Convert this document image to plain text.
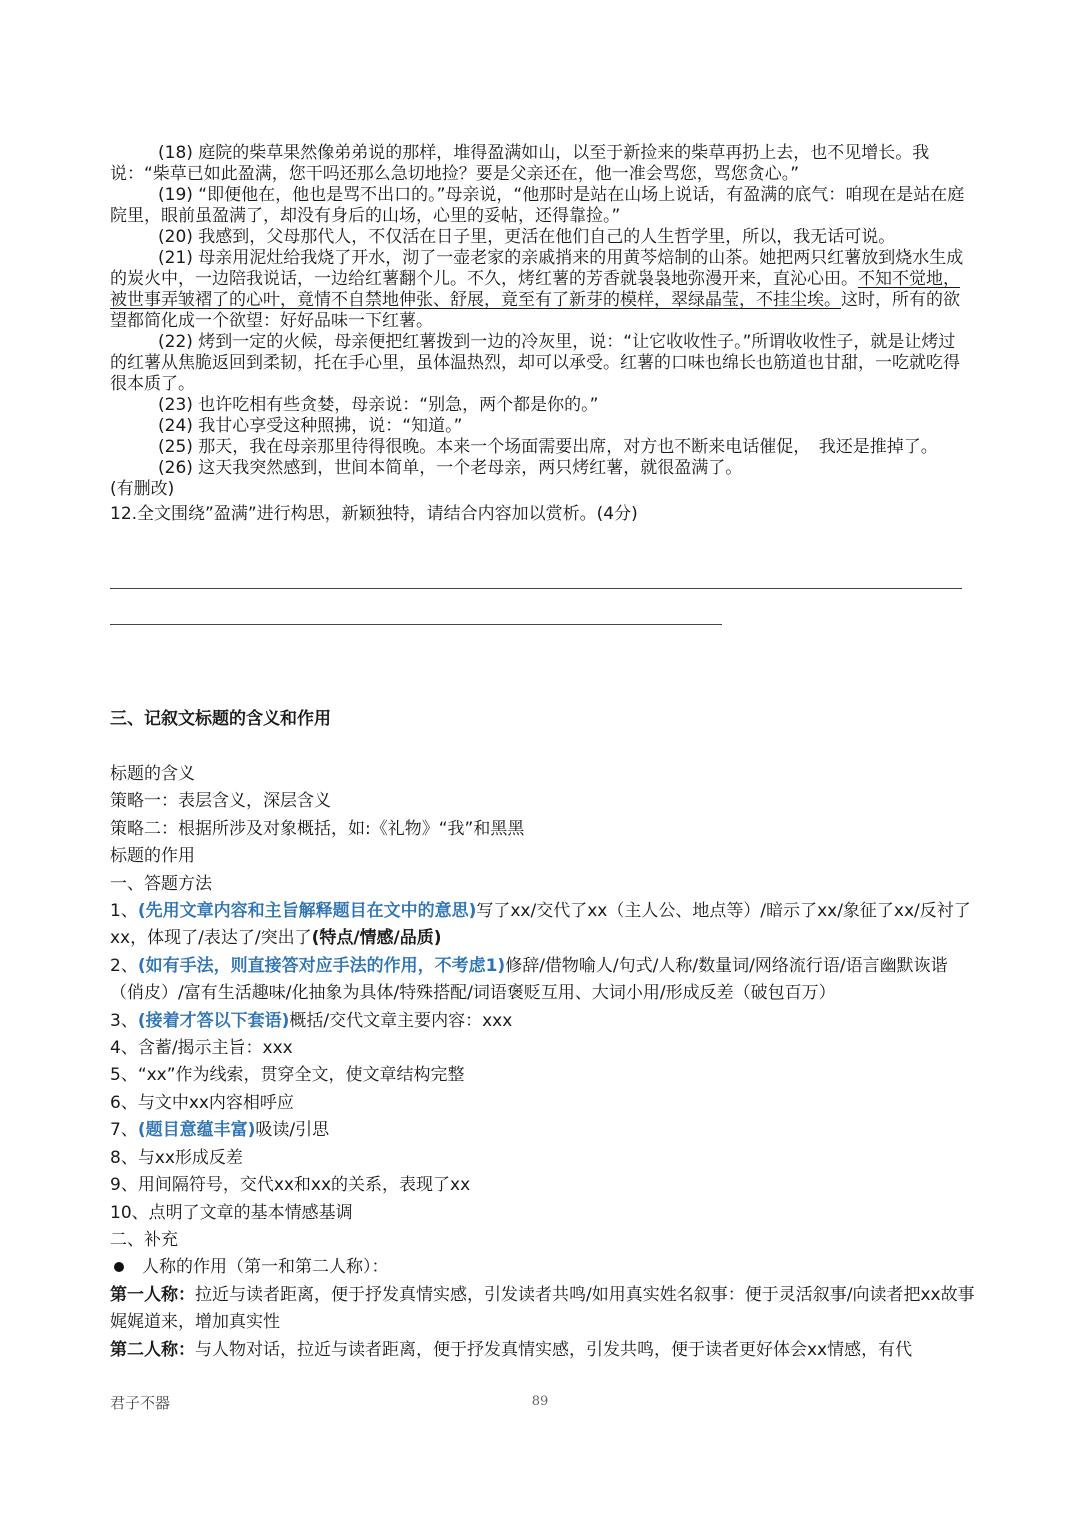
(18) 庭院的柴草果然像弟弟说的那样，堆得盈满如山，以至于新捡来的柴草再扔上去，也不见增长。我说：“柴草已如此盈满，您干吗还那么急切地捡？要是父亲还在，他一准会骂您，骂您贪心。”

(19) “即便他在，他也是骂不出口的。”母亲说，“他那时是站在山场上说话，有盈满的底气：咱现在是站在庭院里，眼前虽盈满了，却没有身后的山场，心里的妥帖，还得靠捡。”

(20) 我感到，父母那代人，不仅活在日子里，更活在他们自己的人生哲学里，所以，我无话可说。

(21) 母亲用泥灶给我烧了开水，沏了一壶老家的亲戚捎来的用黄芩焙制的山茶。她把两只红薯放到烧水生成的炭火中，一边陪我说话，一边给红薯翻个儿。不久，烤红薯的芳香就袅袅地弥漫开来，直沁心田。不知不觉地，被世事弄皱褶了的心叶，竟情不自禁地伸张、舒展，竟至有了新芽的模样，翠绿晶莹，不挂尘埃。这时，所有的欲望都简化成一个欲望：好好品味一下红薯。

(22) 烤到一定的火候，母亲便把红薯拨到一边的冷灰里，说：“让它收收性子。”所谓收收性子，就是让烤过的红薯从焦脆返回到柔韧，托在手心里，虽体温热烈，却可以承受。红薯的口味也绵长也筋道也甘甜，一吃就吃得很本质了。

(23) 也许吃相有些贪婪，母亲说：“别急，两个都是你的。”

(24) 我甘心享受这种照拂，说：“知道。”

(25) 那天，我在母亲那里待得很晚。本来一个场面需要出席，对方也不断来电话催促，　我还是推掉了。

(26) 这天我突然感到，世间本简单，一个老母亲，两只烤红薯，就很盈满了。

(有删改)

12.全文围绕”盈满”进行构思，新颖独特，请结合内容加以赏析。(4分)

三、记叙文标题的含义和作用

标题的含义

策略一：表层含义，深层含义

策略二：根据所涉及对象概括，如:《礼物》“我”和黑黑

标题的作用

一、答题方法

1、(先用文章内容和主旨解释题目在文中的意思)写了xx/交代了xx（主人公、地点等）/暗示了xx/象征了xx/反衬了xx，体现了/表达了/突出了(特点/情感/品质)

2、(如有手法，则直接答对应手法的作用，不考虑1)修辞/借物喻人/句式/人称/数量词/网络流行语/语言幽默诙谐（俏皮）/富有生活趣味/化抽象为具体/特殊搭配/词语褒贬互用、大词小用/形成反差（破包百万）

3、(接着才答以下套语)概括/交代文章主要内容：xxx

4、含蓄/揭示主旨：xxx

5、“xx”作为线索，贯穿全文，使文章结构完整

6、与文中xx内容相呼应

7、(题目意蕴丰富)吸读/引思

8、与xx形成反差

9、用间隔符号，交代xx和xx的关系，表现了xx

10、点明了文章的基本情感基调

二、补充

人称的作用（第一和第二人称）：

第一人称：拉近与读者距离，便于抒发真情实感，引发读者共鸣/如用真实姓名叙事：便于灵活叙事/向读者把xx故事娓娓道来，增加真实性

第二人称：与人物对话，拉近与读者距离，便于抒发真情实感，引发共鸣，便于读者更好体会xx情感，有代

君子不器	89
